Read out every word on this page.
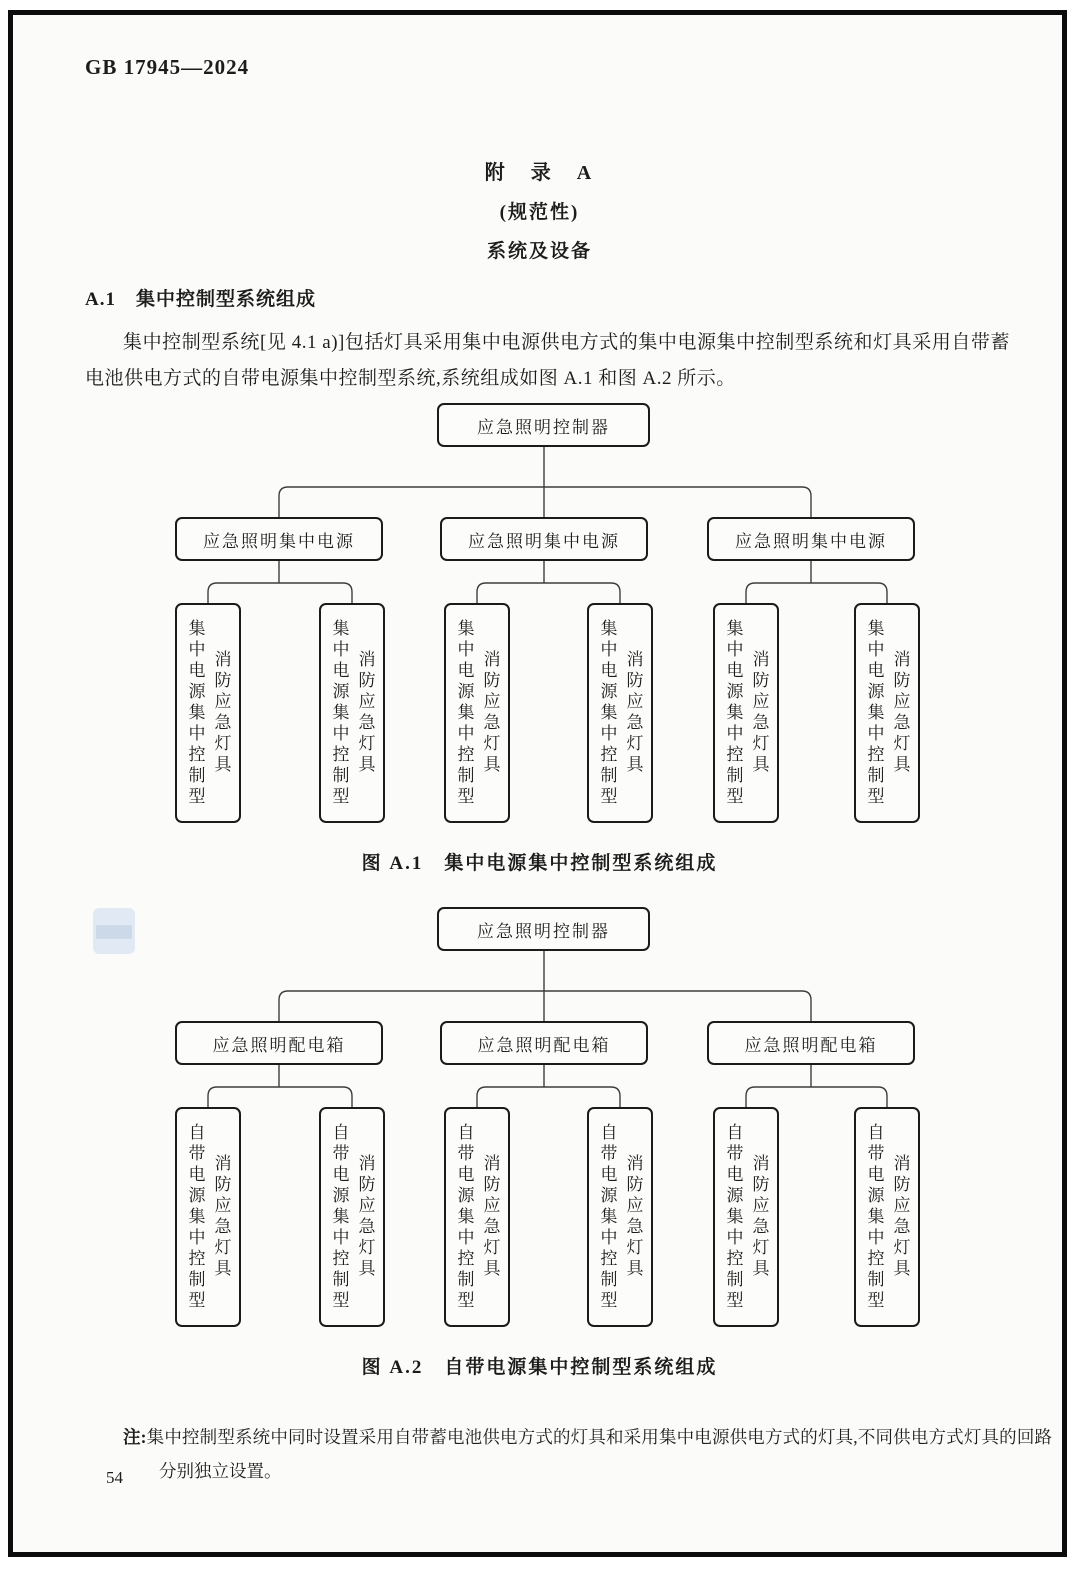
GB 17945—2024
附　录　A
(规范性)
系统及设备
A.1　集中控制型系统组成
集中控制型系统[见 4.1 a)]包括灯具采用集中电源供电方式的集中电源集中控制型系统和灯具采用自带蓄电池供电方式的自带电源集中控制型系统,系统组成如图 A.1 和图 A.2 所示。
应急照明控制器
应急照明集中电源	应急照明集中电源	应急照明集中电源
集中电源集中控制型 消防应急灯具	集中电源集中控制型 消防应急灯具	集中电源集中控制型 消防应急灯具	集中电源集中控制型 消防应急灯具	集中电源集中控制型 消防应急灯具	集中电源集中控制型 消防应急灯具
图 A.1　集中电源集中控制型系统组成
应急照明控制器
应急照明配电箱	应急照明配电箱	应急照明配电箱
自带电源集中控制型 消防应急灯具	自带电源集中控制型 消防应急灯具	自带电源集中控制型 消防应急灯具	自带电源集中控制型 消防应急灯具	自带电源集中控制型 消防应急灯具	自带电源集中控制型 消防应急灯具
图 A.2　自带电源集中控制型系统组成
注:集中控制型系统中同时设置采用自带蓄电池供电方式的灯具和采用集中电源供电方式的灯具,不同供电方式灯具的回路分别独立设置。
54
